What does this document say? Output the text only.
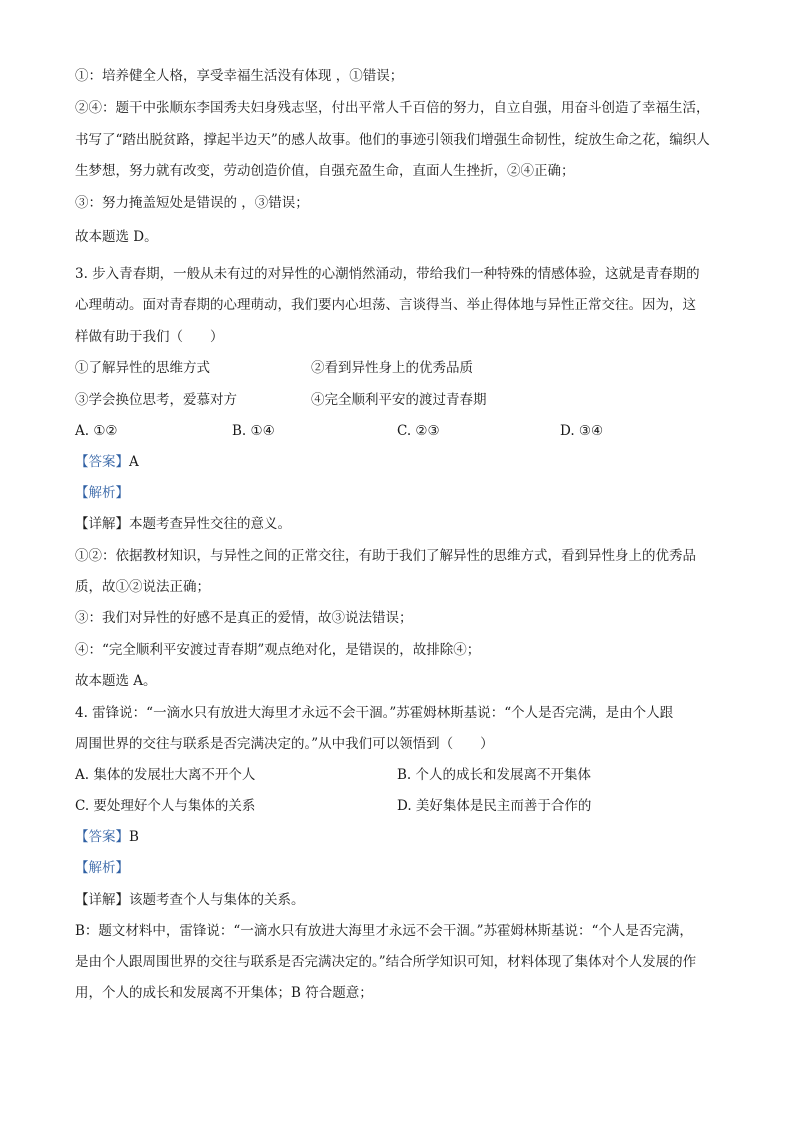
①：培养健全人格，享受幸福生活没有体现 ，①错误；
②④：题干中张顺东李国秀夫妇身残志坚，付出平常人千百倍的努力，自立自强，用奋斗创造了幸福生活，
书写了“踏出脱贫路，撑起半边天”的感人故事。他们的事迹引领我们增强生命韧性，绽放生命之花，编织人
生梦想，努力就有改变，劳动创造价值，自强充盈生命，直面人生挫折，②④正确；
③：努力掩盖短处是错误的 ，③错误；
故本题选 D。
3. 步入青春期，一般从未有过的对异性的心潮悄然涌动，带给我们一种特殊的情感体验，这就是青春期的
心理萌动。面对青春期的心理萌动，我们要内心坦荡、言谈得当、举止得体地与异性正常交往。因为，这
样做有助于我们（　　）
①了解异性的思维方式	②看到异性身上的优秀品质
③学会换位思考，爱慕对方	④完全顺利平安的渡过青春期
A. ①②	B. ①④	C. ②③	D. ③④
【答案】A
【解析】
【详解】本题考查异性交往的意义。
①②：依据教材知识，与异性之间的正常交往，有助于我们了解异性的思维方式，看到异性身上的优秀品
质，故①②说法正确；
③：我们对异性的好感不是真正的爱情，故③说法错误；
④：“完全顺利平安渡过青春期”观点绝对化，是错误的，故排除④；
故本题选 A。
4. 雷锋说：“一滴水只有放进大海里才永远不会干涸。”苏霍姆林斯基说：“个人是否完满，是由个人跟
周围世界的交往与联系是否完满决定的。”从中我们可以领悟到（　　）
A. 集体的发展壮大离不开个人	B. 个人的成长和发展离不开集体
C. 要处理好个人与集体的关系	D. 美好集体是民主而善于合作的
【答案】B
【解析】
【详解】该题考查个人与集体的关系。
B：题文材料中，雷锋说：“一滴水只有放进大海里才永远不会干涸。”苏霍姆林斯基说：“个人是否完满，
是由个人跟周围世界的交往与联系是否完满决定的。”结合所学知识可知，材料体现了集体对个人发展的作
用，个人的成长和发展离不开集体；B 符合题意；
